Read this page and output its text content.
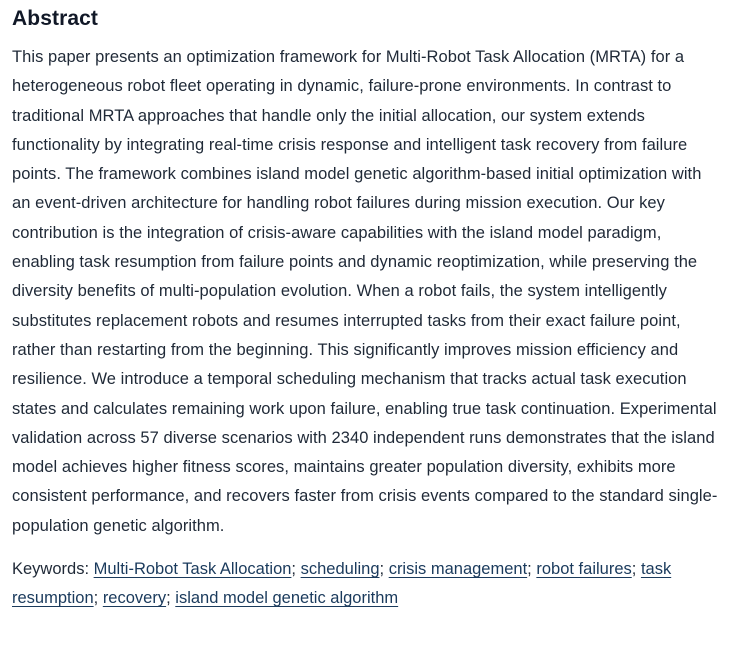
Abstract

This paper presents an optimization framework for Multi-Robot Task Allocation (MRTA) for a heterogeneous robot fleet operating in dynamic, failure-prone environments. In contrast to traditional MRTA approaches that handle only the initial allocation, our system extends functionality by integrating real-time crisis response and intelligent task recovery from failure points. The framework combines island model genetic algorithm-based initial optimization with an event-driven architecture for handling robot failures during mission execution. Our key contribution is the integration of crisis-aware capabilities with the island model paradigm, enabling task resumption from failure points and dynamic reoptimization, while preserving the diversity benefits of multi-population evolution. When a robot fails, the system intelligently substitutes replacement robots and resumes interrupted tasks from their exact failure point, rather than restarting from the beginning. This significantly improves mission efficiency and resilience. We introduce a temporal scheduling mechanism that tracks actual task execution states and calculates remaining work upon failure, enabling true task continuation. Experimental validation across 57 diverse scenarios with 2340 independent runs demonstrates that the island model achieves higher fitness scores, maintains greater population diversity, exhibits more consistent performance, and recovers faster from crisis events compared to the standard single-population genetic algorithm.

Keywords: Multi-Robot Task Allocation; scheduling; crisis management; robot failures; task resumption; recovery; island model genetic algorithm
